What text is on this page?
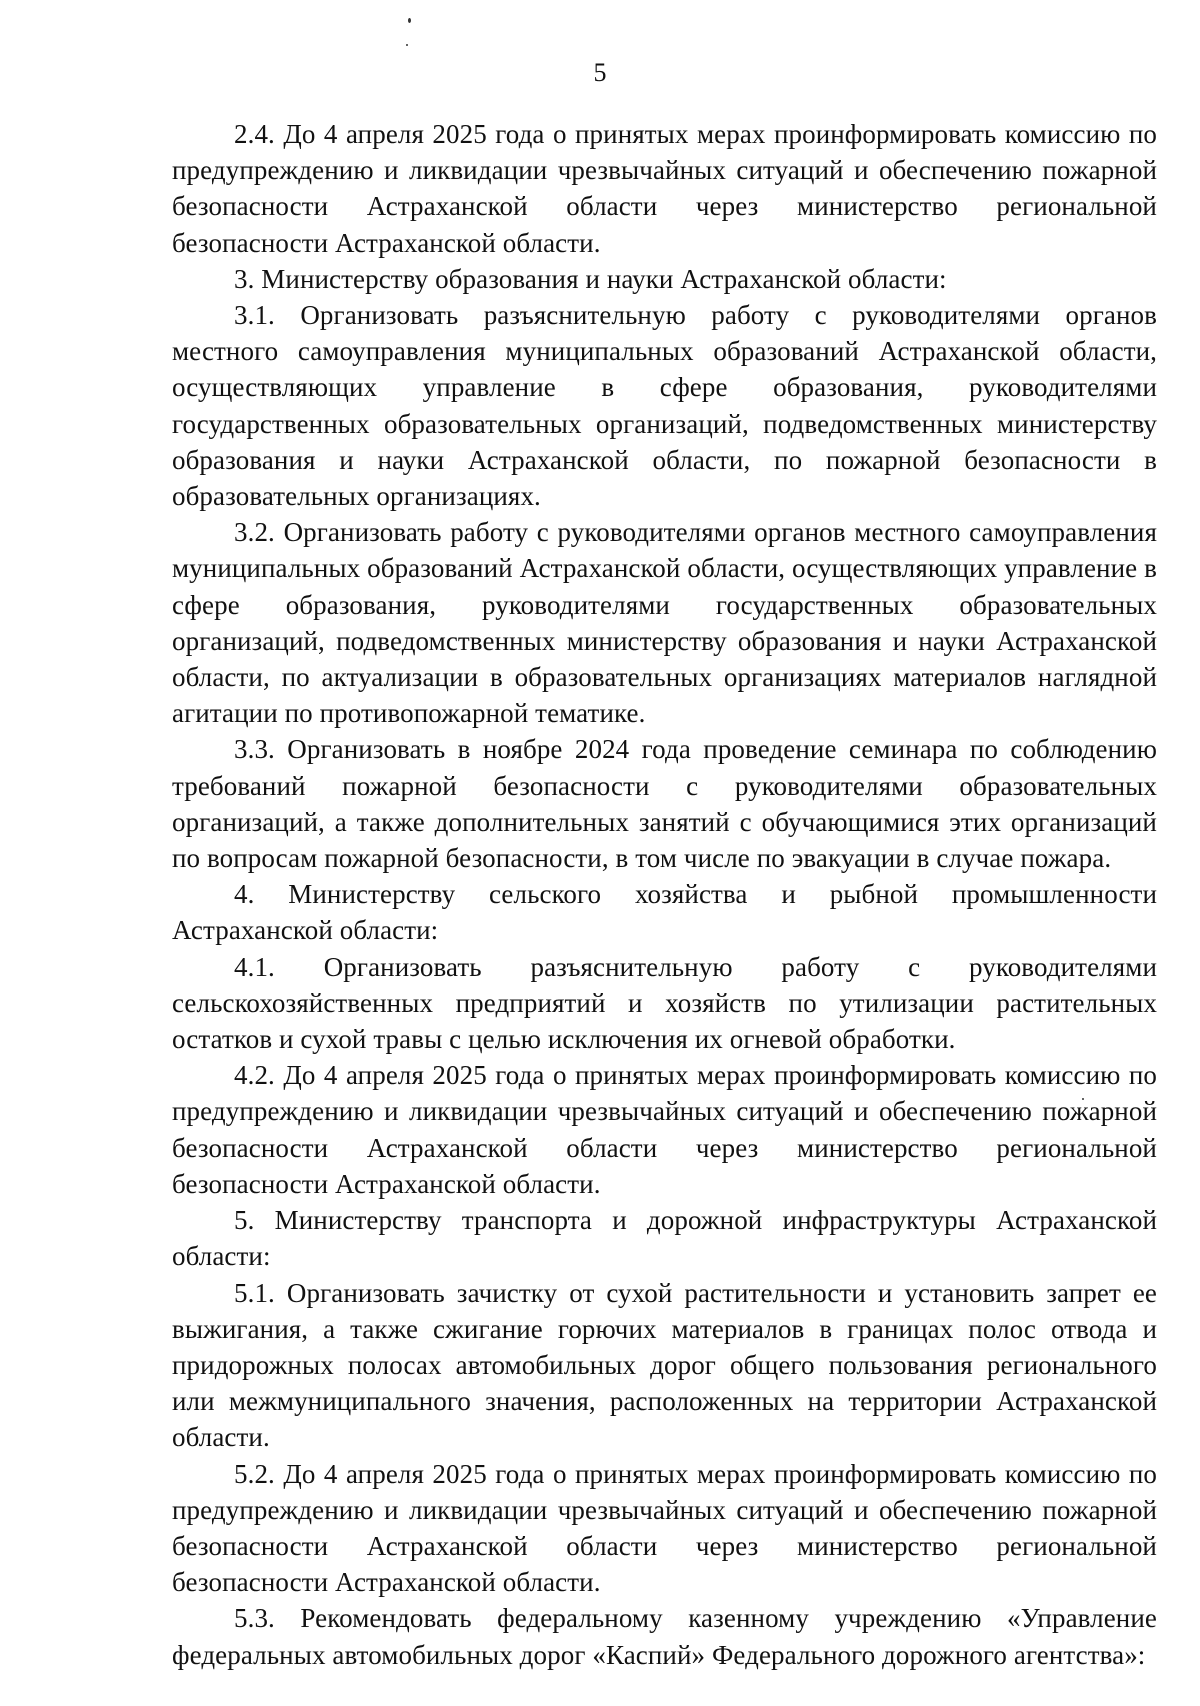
5

2.4. До 4 апреля 2025 года о принятых мерах проинформировать комиссию по предупреждению и ликвидации чрезвычайных ситуаций и обеспечению пожарной безопасности Астраханской области через министерство региональной безопасности Астраханской области.

3. Министерству образования и науки Астраханской области:

3.1. Организовать разъяснительную работу с руководителями органов местного самоуправления муниципальных образований Астраханской области, осуществляющих управление в сфере образования, руководителями государственных образовательных организаций, подведомственных министерству образования и науки Астраханской области, по пожарной безопасности в образовательных организациях.

3.2. Организовать работу с руководителями органов местного самоуправления муниципальных образований Астраханской области, осуществляющих управление в сфере образования, руководителями государственных образовательных организаций, подведомственных министерству образования и науки Астраханской области, по актуализации в образовательных организациях материалов наглядной агитации по противопожарной тематике.

3.3. Организовать в ноябре 2024 года проведение семинара по соблюдению требований пожарной безопасности с руководителями образовательных организаций, а также дополнительных занятий с обучающимися этих организаций по вопросам пожарной безопасности, в том числе по эвакуации в случае пожара.

4. Министерству сельского хозяйства и рыбной промышленности Астраханской области:

4.1. Организовать разъяснительную работу с руководителями сельскохозяйственных предприятий и хозяйств по утилизации растительных остатков и сухой травы с целью исключения их огневой обработки.

4.2. До 4 апреля 2025 года о принятых мерах проинформировать комиссию по предупреждению и ликвидации чрезвычайных ситуаций и обеспечению пожарной безопасности Астраханской области через министерство региональной безопасности Астраханской области.

5. Министерству транспорта и дорожной инфраструктуры Астраханской области:

5.1. Организовать зачистку от сухой растительности и установить запрет ее выжигания, а также сжигание горючих материалов в границах полос отвода и придорожных полосах автомобильных дорог общего пользования регионального или межмуниципального значения, расположенных на территории Астраханской области.

5.2. До 4 апреля 2025 года о принятых мерах проинформировать комиссию по предупреждению и ликвидации чрезвычайных ситуаций и обеспечению пожарной безопасности Астраханской области через министерство региональной безопасности Астраханской области.

5.3. Рекомендовать федеральному казенному учреждению «Управление федеральных автомобильных дорог «Каспий» Федерального дорожного агентства»:
